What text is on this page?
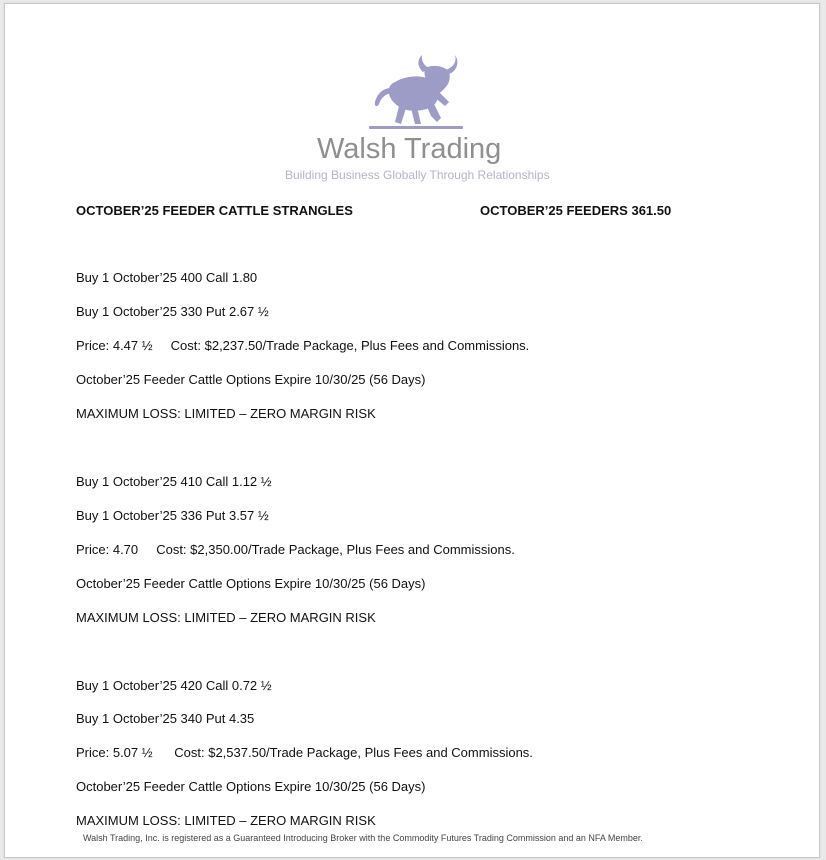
Walsh Trading
Building Business Globally Through Relationships
OCTOBER’25 FEEDER CATTLE STRANGLES	OCTOBER’25 FEEDERS 361.50
Buy 1 October’25 400 Call 1.80
Buy 1 October’25 330 Put 2.67 ½
Price: 4.47 ½     Cost: $2,237.50/Trade Package, Plus Fees and Commissions.
October’25 Feeder Cattle Options Expire 10/30/25 (56 Days)
MAXIMUM LOSS: LIMITED – ZERO MARGIN RISK
Buy 1 October’25 410 Call 1.12 ½
Buy 1 October’25 336 Put 3.57 ½
Price: 4.70     Cost: $2,350.00/Trade Package, Plus Fees and Commissions.
October’25 Feeder Cattle Options Expire 10/30/25 (56 Days)
MAXIMUM LOSS: LIMITED – ZERO MARGIN RISK
Buy 1 October’25 420 Call 0.72 ½
Buy 1 October’25 340 Put 4.35
Price: 5.07 ½      Cost: $2,537.50/Trade Package, Plus Fees and Commissions.
October’25 Feeder Cattle Options Expire 10/30/25 (56 Days)
MAXIMUM LOSS: LIMITED – ZERO MARGIN RISK
Walsh Trading, Inc. is registered as a Guaranteed Introducing Broker with the Commodity Futures Trading Commission and an NFA Member.
